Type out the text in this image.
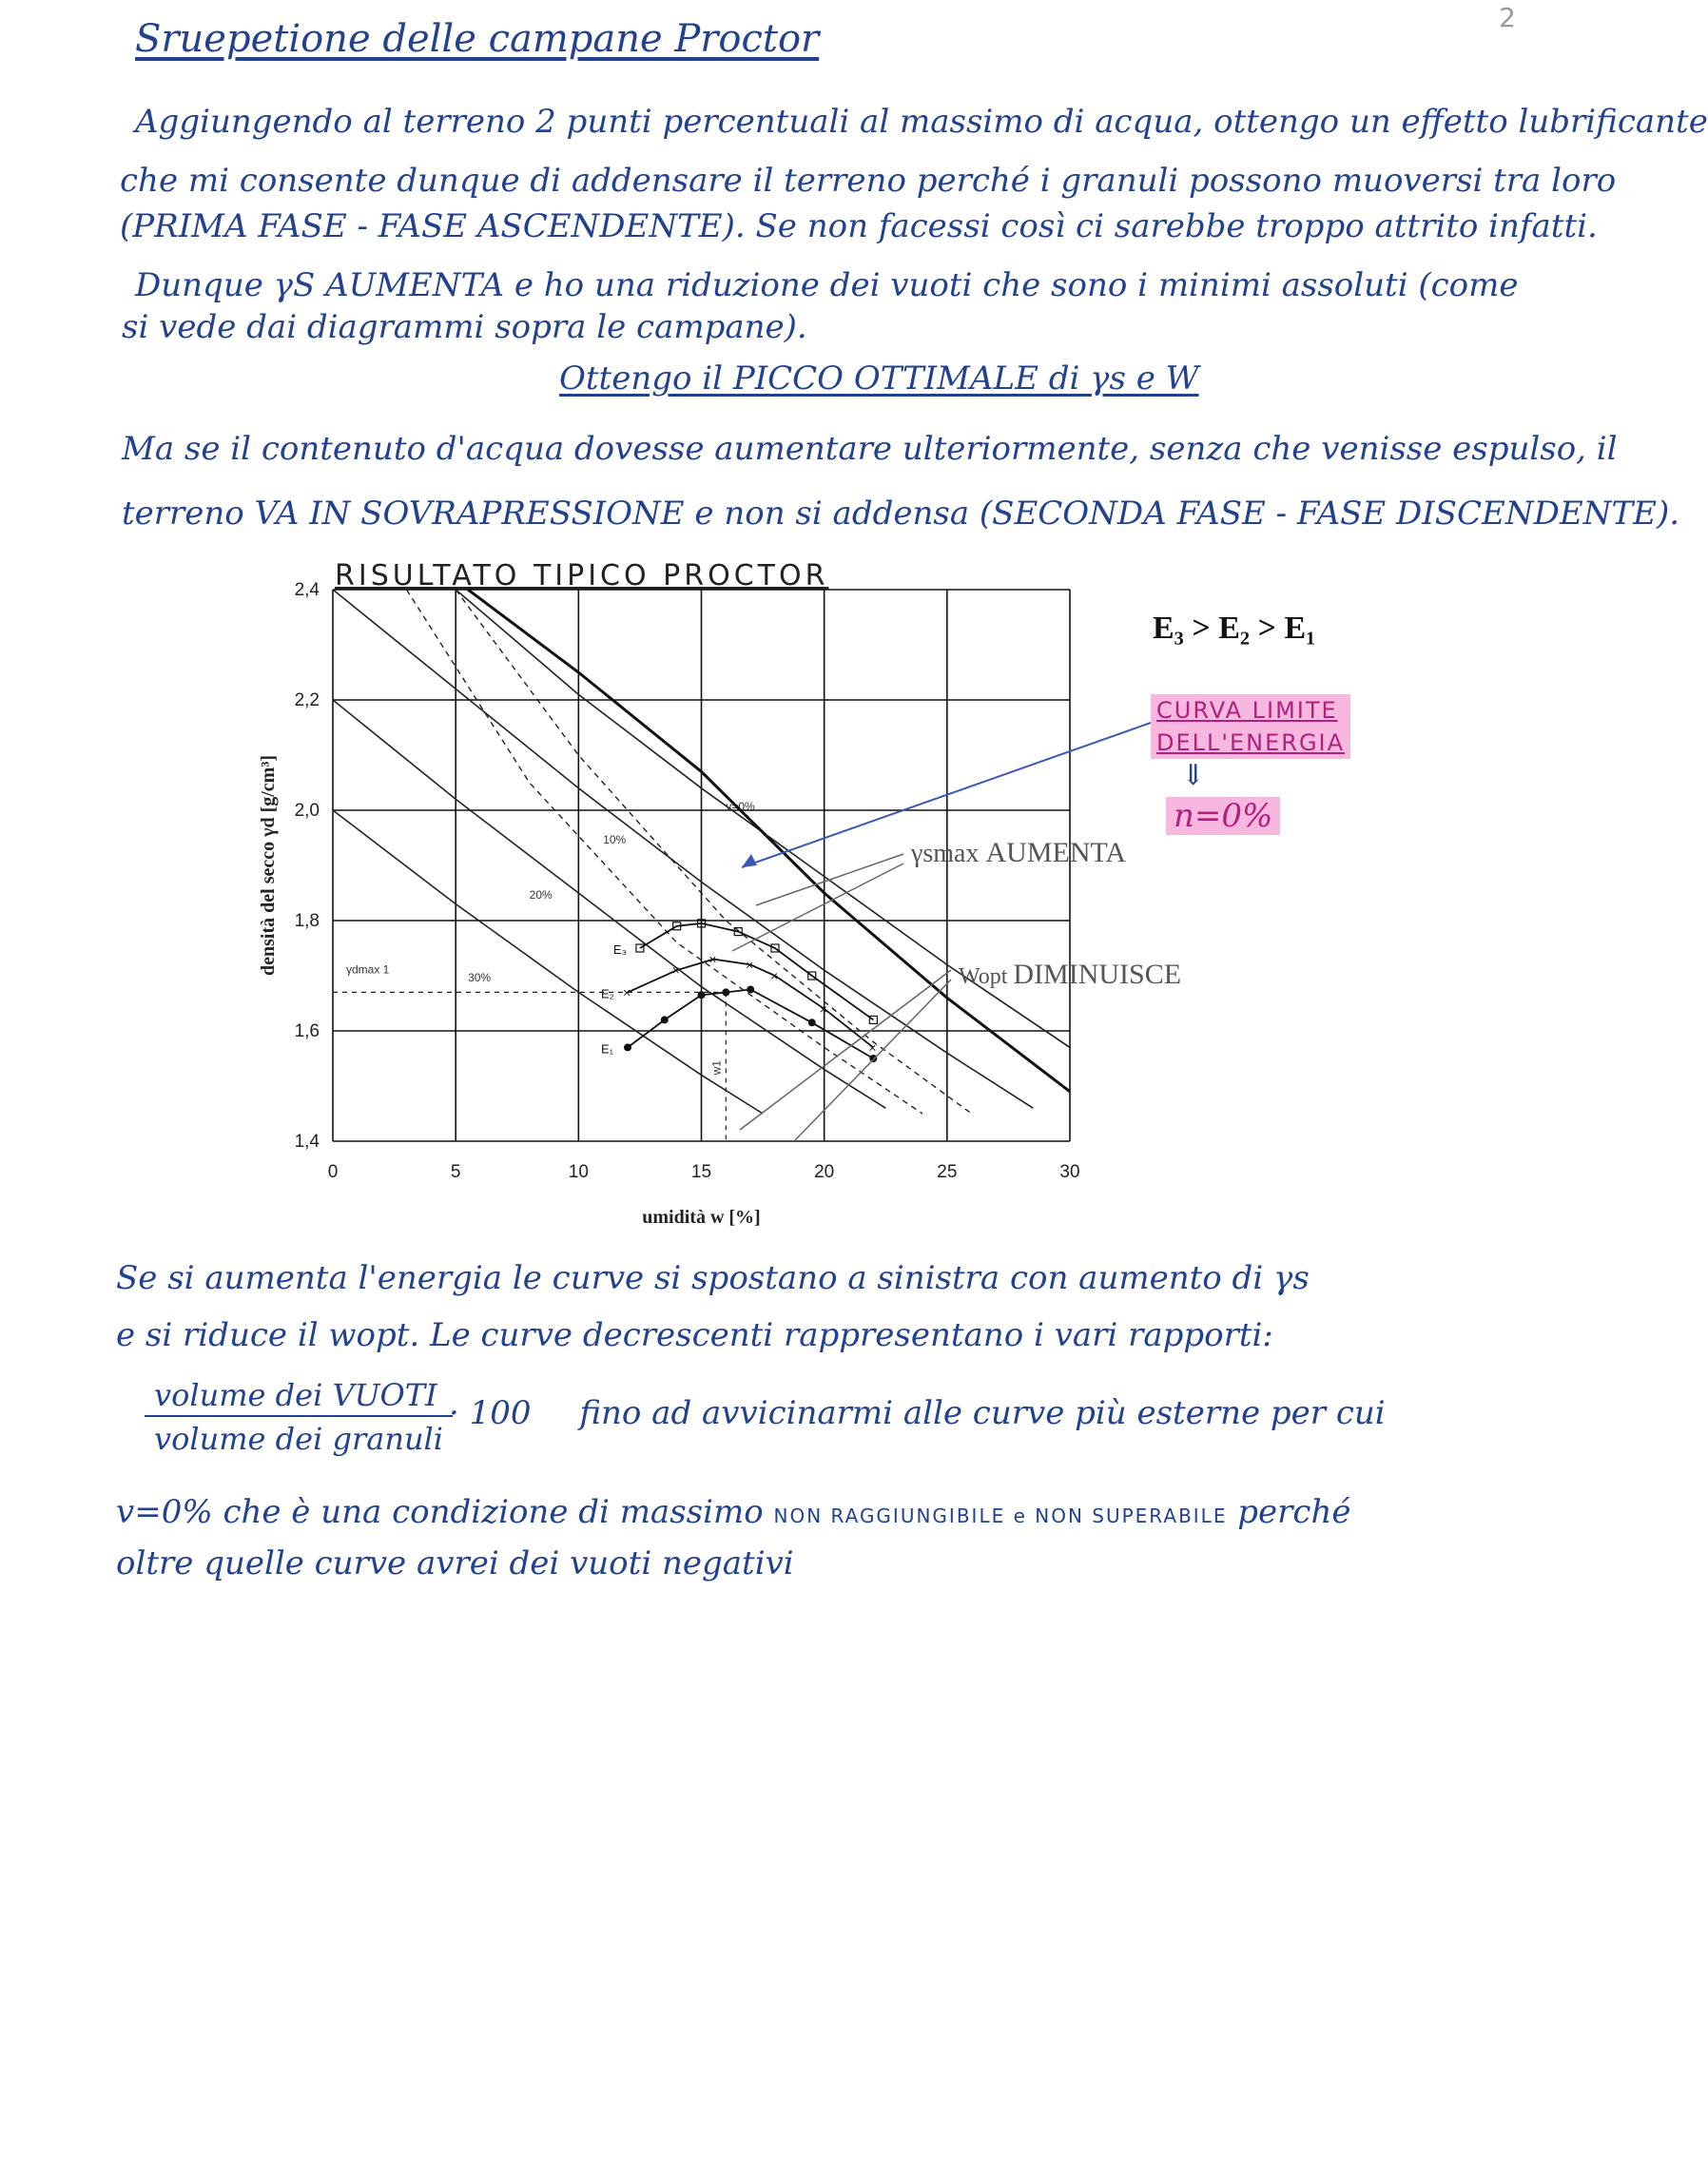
2
Sruepetione delle campane Proctor
Aggiungendo al terreno 2 punti percentuali al massimo di acqua, ottengo un effetto lubrificante
che mi consente dunque di addensare il terreno perché i granuli possono muoversi tra loro
(PRIMA FASE - FASE ASCENDENTE). Se non facessi così ci sarebbe troppo attrito infatti.
Dunque γS AUMENTA e ho una riduzione dei vuoti che sono i minimi assoluti (come
si vede dai diagrammi sopra le campane).
Ottengo il PICCO OTTIMALE di γs e W
Ma se il contenuto d'acqua dovesse aumentare ulteriormente, senza che venisse espulso, il
terreno VA IN SOVRAPRESSIONE e non si addensa (SECONDA FASE - FASE DISCENDENTE).
RISULTATO TIPICO PROCTOR
0	5	10	15	20	25	30
1,4
1,6
1,8
2,0
2,2
2,4
umidità w [%]
densità del secco γd [g/cm³]	v=0%
10%
20%
30%
γdmax 1
w1
E₁
×
×
× ×
×
×
×
E₂
E₃
E₃ > E₂ > E₁
CURVA LIMITE
DELL'ENERGIA
⇓
n=0%
γsmax AUMENTA
Wopt DIMINUISCE
Se si aumenta l'energia le curve si spostano a sinistra con aumento di γs
e si riduce il wopt. Le curve decrescenti rappresentano i vari rapporti:
volume dei VUOTI
volume dei granuli
· 100 fino ad avvicinarmi alle curve più esterne per cui
v=0% che è una condizione di massimo NON RAGGIUNGIBILE e NON SUPERABILE perché
oltre quelle curve avrei dei vuoti negativi
